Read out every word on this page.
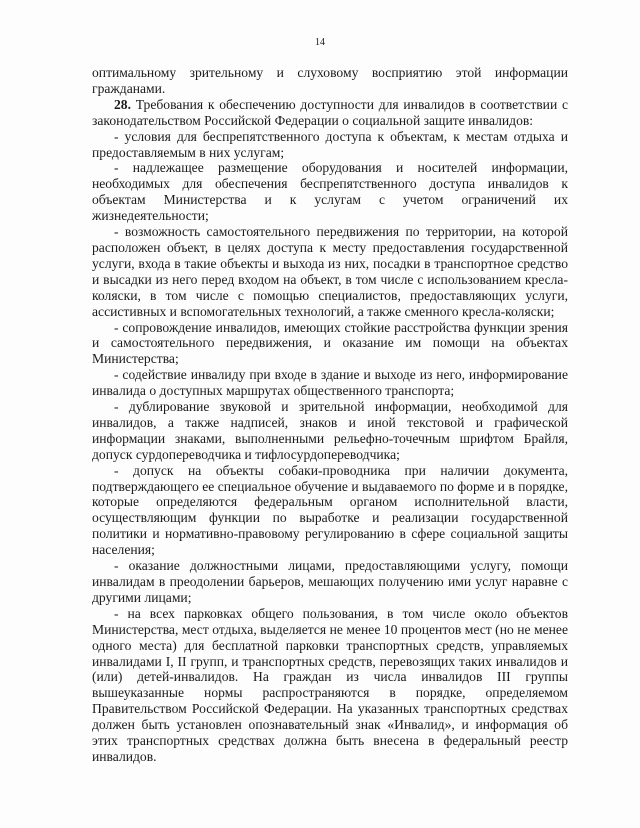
14

оптимальному зрительному и слуховому восприятию этой информации гражданами.

28. Требования к обеспечению доступности для инвалидов в соответствии с законодательством Российской Федерации о социальной защите инвалидов:

- условия для беспрепятственного доступа к объектам, к местам отдыха и предоставляемым в них услугам;

- надлежащее размещение оборудования и носителей информации, необходимых для обеспечения беспрепятственного доступа инвалидов к объектам Министерства и к услугам с учетом ограничений их жизнедеятельности;

- возможность самостоятельного передвижения по территории, на которой расположен объект, в целях доступа к месту предоставления государственной услуги, входа в такие объекты и выхода из них, посадки в транспортное средство и высадки из него перед входом на объект, в том числе с использованием кресла-коляски, в том числе с помощью специалистов, предоставляющих услуги, ассистивных и вспомогательных технологий, а также сменного кресла-коляски;

- сопровождение инвалидов, имеющих стойкие расстройства функции зрения и самостоятельного передвижения, и оказание им помощи на объектах Министерства;

- содействие инвалиду при входе в здание и выходе из него, информирование инвалида о доступных маршрутах общественного транспорта;

- дублирование звуковой и зрительной информации, необходимой для инвалидов, а также надписей, знаков и иной текстовой и графической информации знаками, выполненными рельефно-точечным шрифтом Брайля, допуск сурдопереводчика и тифлосурдопереводчика;

- допуск на объекты собаки-проводника при наличии документа, подтверждающего ее специальное обучение и выдаваемого по форме и в порядке, которые определяются федеральным органом исполнительной власти, осуществляющим функции по выработке и реализации государственной политики и нормативно-правовому регулированию в сфере социальной защиты населения;

- оказание должностными лицами, предоставляющими услугу, помощи инвалидам в преодолении барьеров, мешающих получению ими услуг наравне с другими лицами;

- на всех парковках общего пользования, в том числе около объектов Министерства, мест отдыха, выделяется не менее 10 процентов мест (но не менее одного места) для бесплатной парковки транспортных средств, управляемых инвалидами I, II групп, и транспортных средств, перевозящих таких инвалидов и (или) детей-инвалидов. На граждан из числа инвалидов III группы вышеуказанные нормы распространяются в порядке, определяемом Правительством Российской Федерации. На указанных транспортных средствах должен быть установлен опознавательный знак «Инвалид», и информация об этих транспортных средствах должна быть внесена в федеральный реестр инвалидов.
